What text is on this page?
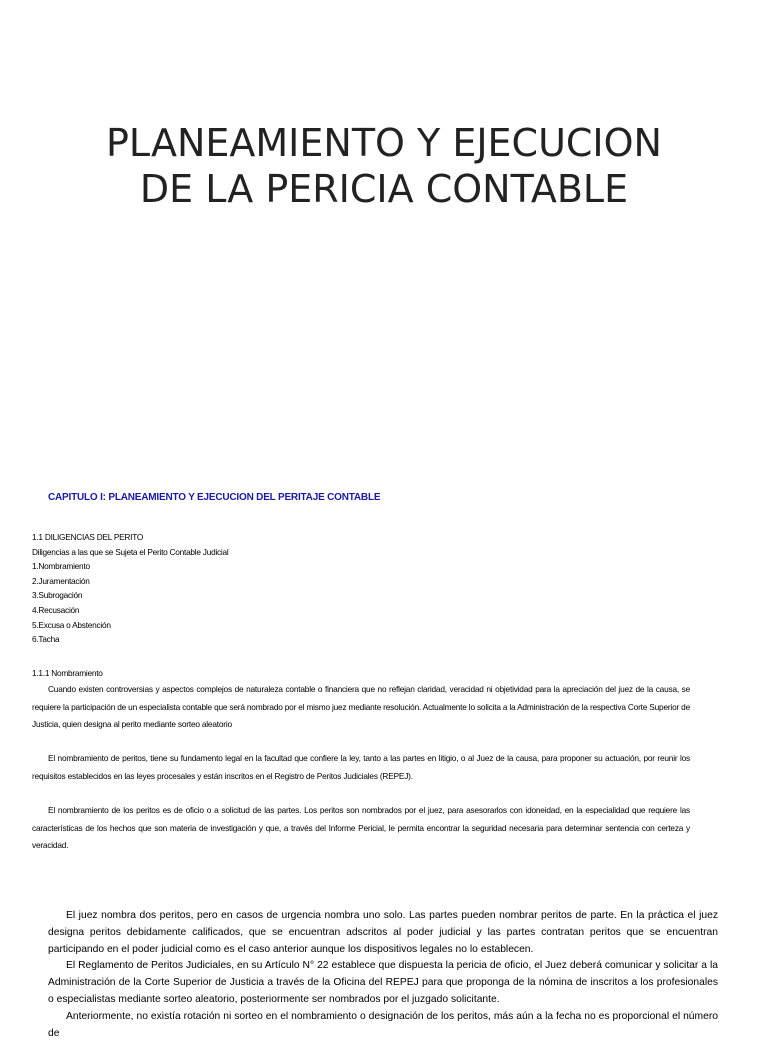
PLANEAMIENTO Y EJECUCION
DE LA PERICIA CONTABLE
CAPITULO I: PLANEAMIENTO Y EJECUCION DEL PERITAJE CONTABLE
1.1 DILIGENCIAS DEL PERITO
Diligencias a las que se Sujeta el Perito Contable Judicial
1.Nombramiento
2.Juramentación
3.Subrogación
4.Recusación
5.Excusa o Abstención
6.Tacha
1.1.1 Nombramiento
Cuando existen controversias y aspectos complejos de naturaleza contable o financiera que no reflejan claridad, veracidad ni objetividad para la apreciación del juez de la causa, se requiere la participación de un especialista contable que será nombrado por el mismo juez mediante resolución. Actualmente lo solicita a la Administración de la respectiva Corte Superior de Justicia, quien designa al perito mediante sorteo aleatorio
El nombramiento de peritos, tiene su fundamento legal en la facultad que confiere la ley, tanto a las partes en litigio, o al Juez de la causa, para proponer su actuación, por reunir los requisitos establecidos en las leyes procesales y están inscritos en el Registro de Peritos Judiciales (REPEJ).
El nombramiento de los peritos es de oficio o a solicitud de las partes. Los peritos son nombrados por el juez, para asesorarlos con idoneidad, en la especialidad que requiere las características de los hechos que son materia de investigación y que, a través del Informe Pericial, le permita encontrar la seguridad necesaria para determinar sentencia con certeza y veracidad.
El juez nombra dos peritos, pero en casos de urgencia nombra uno solo. Las partes pueden nombrar peritos de parte. En la práctica el juez designa peritos debidamente calificados, que se encuentran adscritos al poder judicial y las partes contratan peritos que se encuentran participando en el poder judicial como es el caso anterior aunque los dispositivos legales no lo establecen.
El Reglamento de Peritos Judiciales, en su Artículo N° 22 establece que dispuesta la pericia de oficio, el Juez deberá comunicar y solicitar a la Administración de la Corte Superior de Justicia a través de la Oficina del REPEJ para que proponga de la nómina de inscritos a los profesionales o especialistas mediante sorteo aleatorio, posteriormente ser nombrados por el juzgado solicitante.
Anteriormente, no existía rotación ni sorteo en el nombramiento o designación de los peritos, más aún a la fecha no es proporcional el número de
